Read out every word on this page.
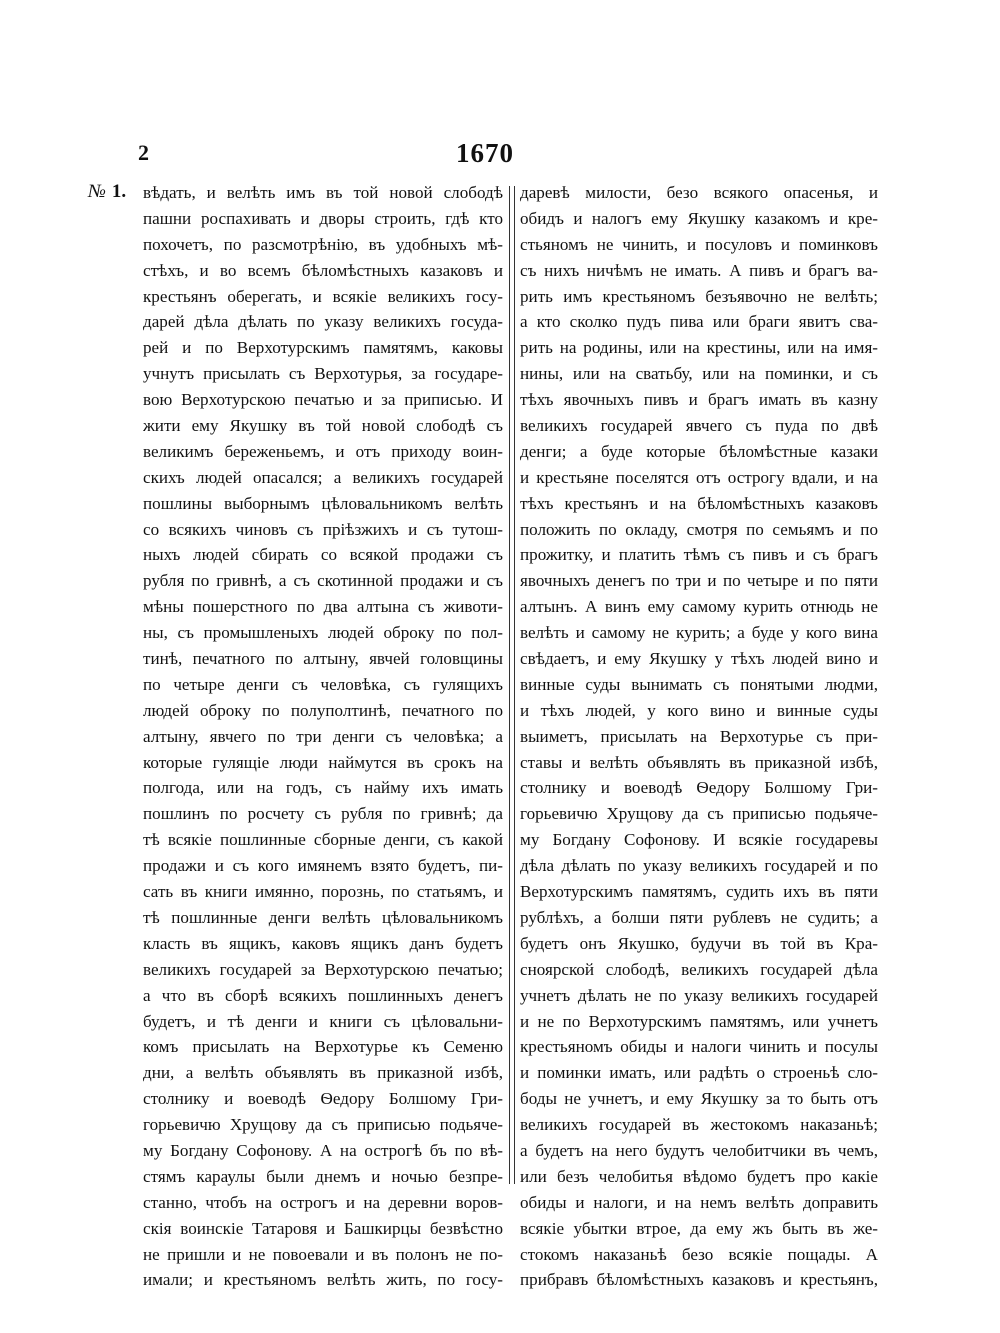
2	1670
№ 1. вѣдать, и велѣть имъ въ той новой слободѣ
пашни роспахивать и дворы строить, гдѣ кто
похочетъ, по разсмотрѣнію, въ удобныхъ мѣ-
стѣхъ, и во всемъ бѣломѣстныхъ казаковъ и
крестьянъ оберегать, и всякіе великихъ госу-
дарей дѣла дѣлать по указу великихъ госуда-
рей и по Верхотурскимъ памятямъ, каковы
учнутъ присылать съ Верхотурья, за государе-
вою Верхотурскою печатью и за приписью. И
жити ему Якушку въ той новой слободѣ съ
великимъ береженьемъ, и отъ приходу воин-
скихъ людей опасался; а великихъ государей
пошлины выборнымъ цѣловальникомъ велѣть
со всякихъ чиновъ съ пріѣзжихъ и съ тутош-
ныхъ людей сбирать со всякой продажи съ
рубля по гривнѣ, а съ скотинной продажи и съ
мѣны пошерстного по два алтына съ животи-
ны, съ промышленыхъ людей оброку по пол-
тинѣ, печатного по алтыну, явчей головщины
по четыре денги съ человѣка, съ гулящихъ
людей оброку по полуполтинѣ, печатного по
алтыну, явчего по три денги съ человѣка; а
которые гулящіе люди наймутся въ срокъ на
полгода, или на годъ, съ найму ихъ имать
пошлинъ по росчету съ рубля по гривнѣ; да
тѣ всякіе пошлинные сборные денги, съ какой
продажи и съ кого имянемъ взято будетъ, пи-
сать въ книги имянно, порознь, по статьямъ, и
тѣ пошлинные денги велѣть цѣловальникомъ
класть въ ящикъ, каковъ ящикъ данъ будетъ
великихъ государей за Верхотурскою печатью;
а что въ сборѣ всякихъ пошлинныхъ денегъ
будетъ, и тѣ денги и книги съ цѣловальни-
комъ присылать на Верхотурье къ Семеню
дни, а велѣть объявлять въ приказной избѣ,
столнику и воеводѣ Ѳедору Болшому Гри-
горьевичю Хрущову да съ приписью подьяче-
му Богдану Софонову. А на острогѣ бъ по вѣ-
стямъ караулы были днемъ и ночью безпре-
станно, чтобъ на острогъ и на деревни воров-
скія воинскіе Татаровя и Башкирцы безвѣстно
не пришли и не повоевали и въ полонъ не по-
имали; и крестьяномъ велѣть жить, по госу-
даревѣ милости, безо всякого опасенья, и
обидъ и налогъ ему Якушку казакомъ и кре-
стьяномъ не чинить, и посуловъ и поминковъ
съ нихъ ничѣмъ не имать. А пивъ и брагъ ва-
рить имъ крестьяномъ безъявочно не велѣть;
а кто сколко пудъ пива или браги явитъ сва-
рить на родины, или на крестины, или на имя-
нины, или на сватьбу, или на поминки, и съ
тѣхъ явочныхъ пивъ и брагъ имать въ казну
великихъ государей явчего съ пуда по двѣ
денги; а буде которые бѣломѣстные казаки
и крестьяне поселятся отъ острогу вдали, и на
тѣхъ крестьянъ и на бѣломѣстныхъ казаковъ
положить по окладу, смотря по семьямъ и по
прожитку, и платить тѣмъ съ пивъ и съ брагъ
явочныхъ денегъ по три и по четыре и по пяти
алтынъ. А винъ ему самому курить отнюдь не
велѣть и самому не курить; а буде у кого вина
свѣдаетъ, и ему Якушку у тѣхъ людей вино и
винные суды вынимать съ понятыми людми,
и тѣхъ людей, у кого вино и винные суды
выиметъ, присылать на Верхотурье съ при-
ставы и велѣть объявлять въ приказной избѣ,
столнику и воеводѣ Ѳедору Болшому Гри-
горьевичю Хрущову да съ приписью подьяче-
му Богдану Софонову. И всякіе государевы
дѣла дѣлать по указу великихъ государей и по
Верхотурскимъ памятямъ, судить ихъ въ пяти
рублѣхъ, а болши пяти рублевъ не судить; а
будетъ онъ Якушко, будучи въ той въ Кра-
сноярской слободѣ, великихъ государей дѣла
учнетъ дѣлать не по указу великихъ государей
и не по Верхотурскимъ памятямъ, или учнетъ
крестьяномъ обиды и налоги чинить и посулы
и поминки имать, или радѣть о строеньѣ сло-
боды не учнетъ, и ему Якушку за то быть отъ
великихъ государей въ жестокомъ наказаньѣ;
а будетъ на него будутъ челобитчики въ чемъ,
или безъ челобитья вѣдомо будетъ про какіе
обиды и налоги, и на немъ велѣть доправить
всякіе убытки втрое, да ему жъ быть въ же-
стокомъ наказаньѣ безо всякіе пощады. А
прибравъ бѣломѣстныхъ казаковъ и крестьянъ,
